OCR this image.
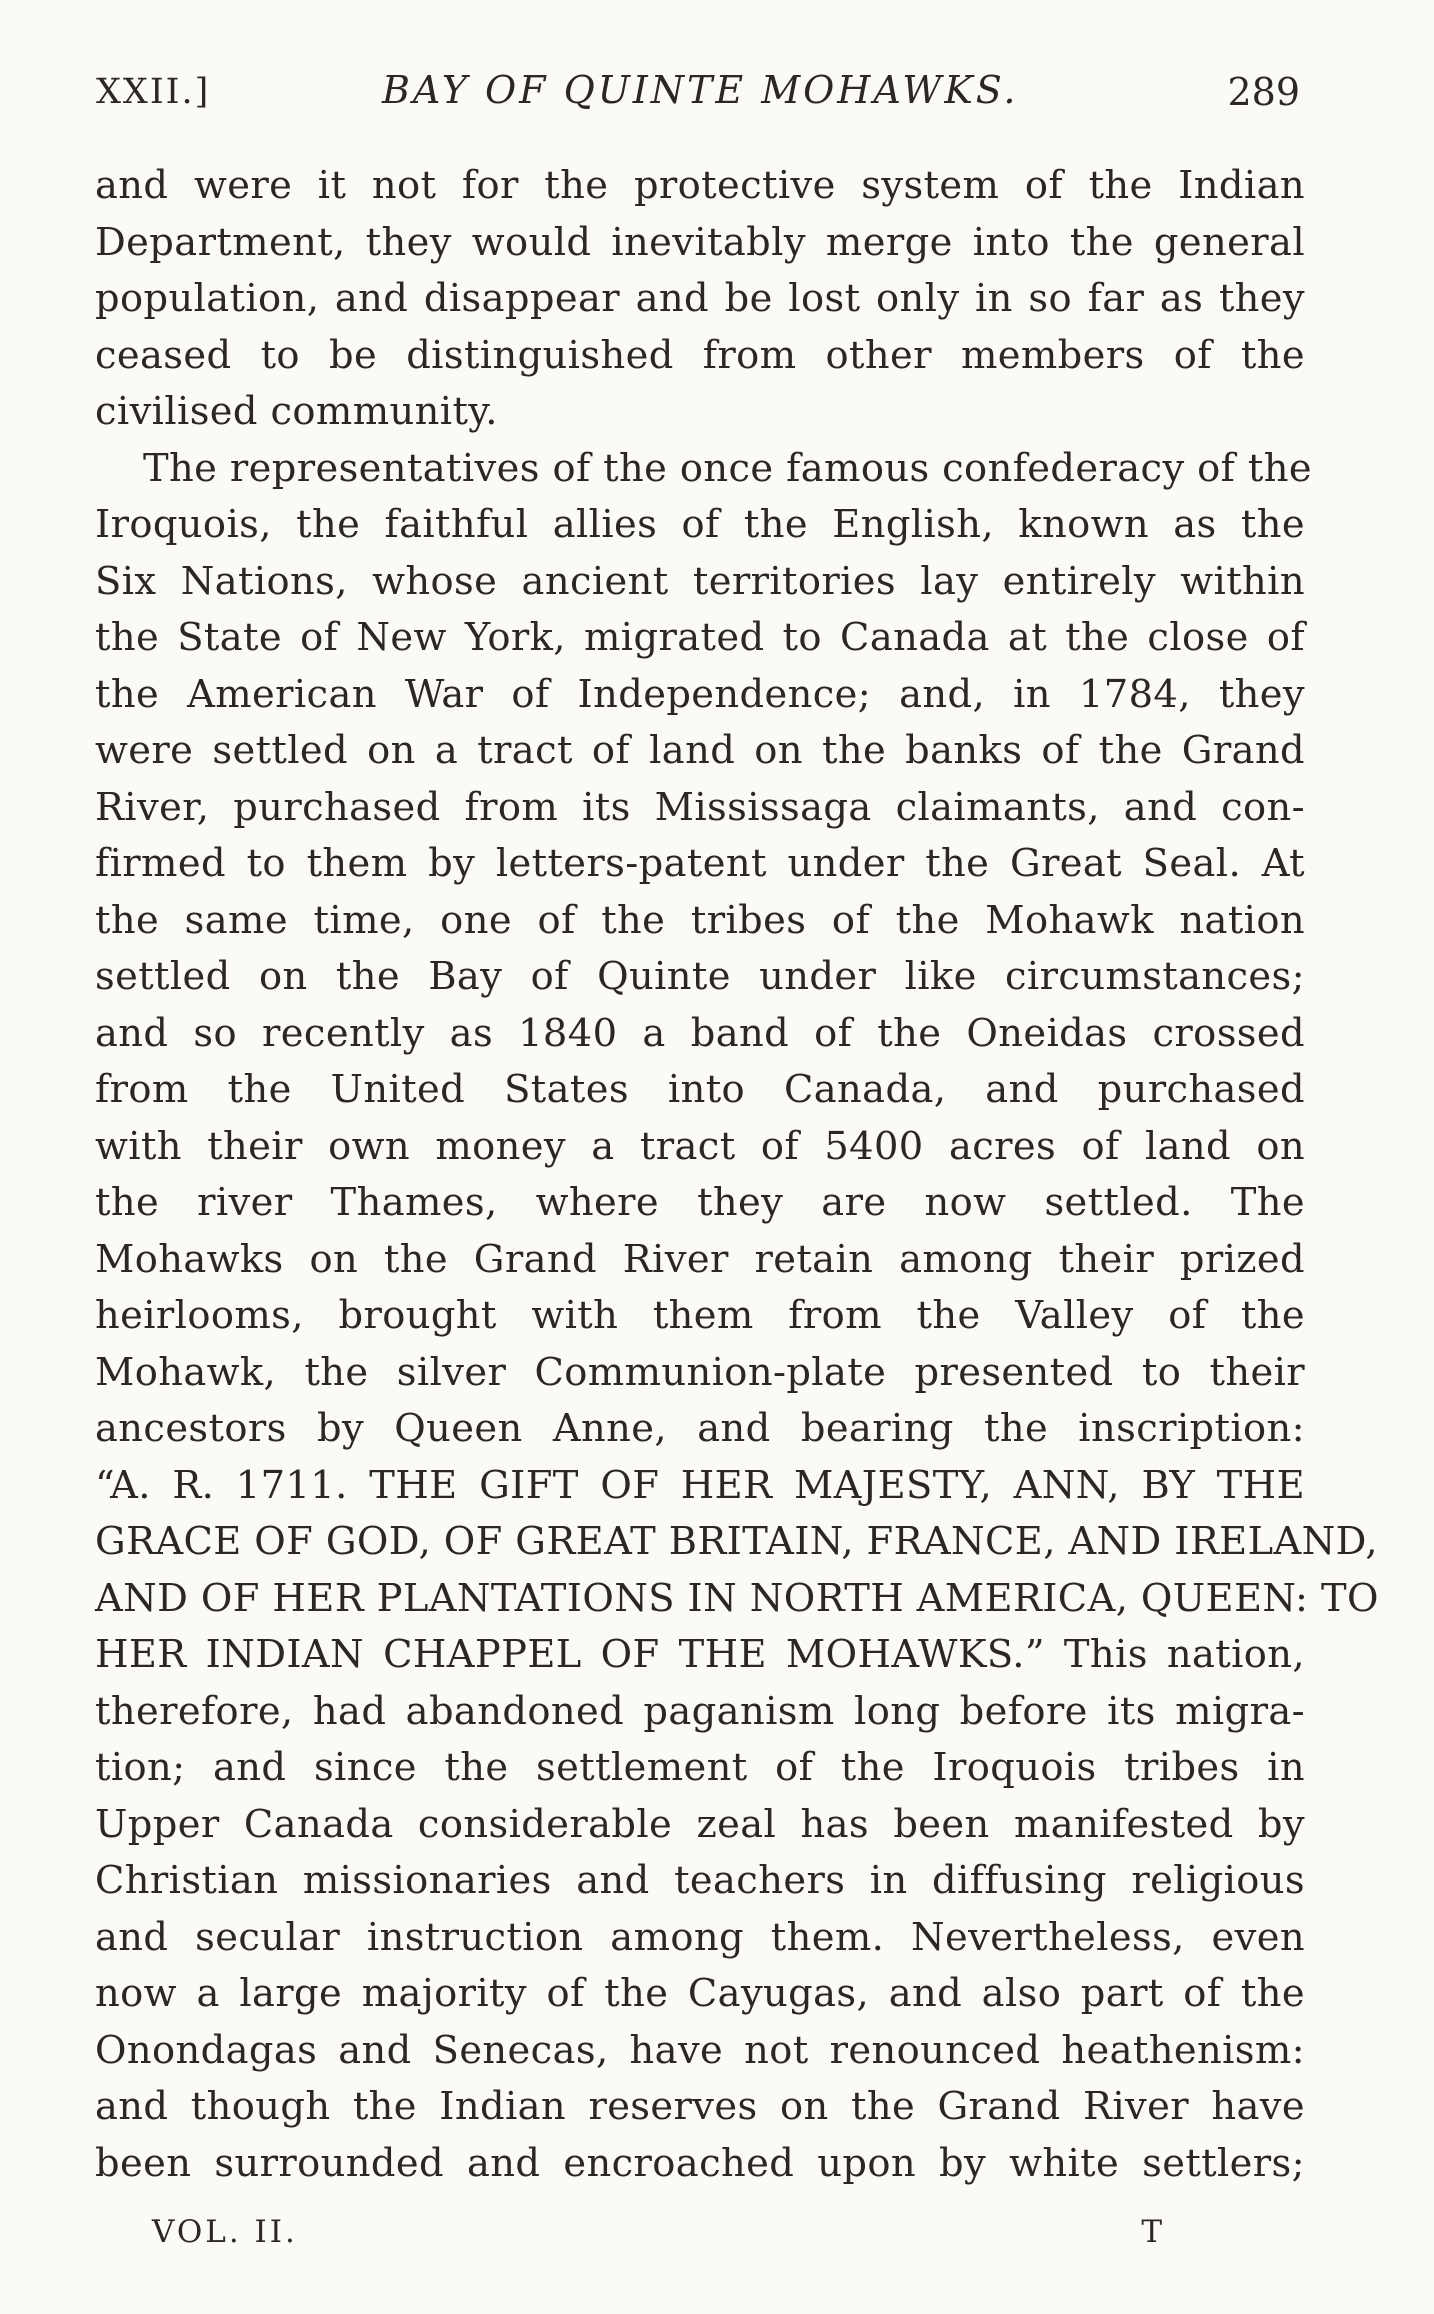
XXII.]	BAY OF QUINTE MOHAWKS.	289
and were it not for the protective system of the Indian
Department, they would inevitably merge into the general
population, and disappear and be lost only in so far as they
ceased to be distinguished from other members of the
civilised community.
The representatives of the once famous confederacy of the
Iroquois, the faithful allies of the English, known as the
Six Nations, whose ancient territories lay entirely within
the State of New York, migrated to Canada at the close of
the American War of Independence; and, in 1784, they
were settled on a tract of land on the banks of the Grand
River, purchased from its Mississaga claimants, and con-
firmed to them by letters-patent under the Great Seal. At
the same time, one of the tribes of the Mohawk nation
settled on the Bay of Quinte under like circumstances;
and so recently as 1840 a band of the Oneidas crossed
from the United States into Canada, and purchased
with their own money a tract of 5400 acres of land on
the river Thames, where they are now settled. The
Mohawks on the Grand River retain among their prized
heirlooms, brought with them from the Valley of the
Mohawk, the silver Communion-plate presented to their
ancestors by Queen Anne, and bearing the inscription:
“A. R. 1711. THE GIFT OF HER MAJESTY, ANN, BY THE
GRACE OF GOD, OF GREAT BRITAIN, FRANCE, AND IRELAND,
AND OF HER PLANTATIONS IN NORTH AMERICA, QUEEN: TO
HER INDIAN CHAPPEL OF THE MOHAWKS.” This nation,
therefore, had abandoned paganism long before its migra-
tion; and since the settlement of the Iroquois tribes in
Upper Canada considerable zeal has been manifested by
Christian missionaries and teachers in diffusing religious
and secular instruction among them. Nevertheless, even
now a large majority of the Cayugas, and also part of the
Onondagas and Senecas, have not renounced heathenism:
and though the Indian reserves on the Grand River have
been surrounded and encroached upon by white settlers;
VOL. II.	T
